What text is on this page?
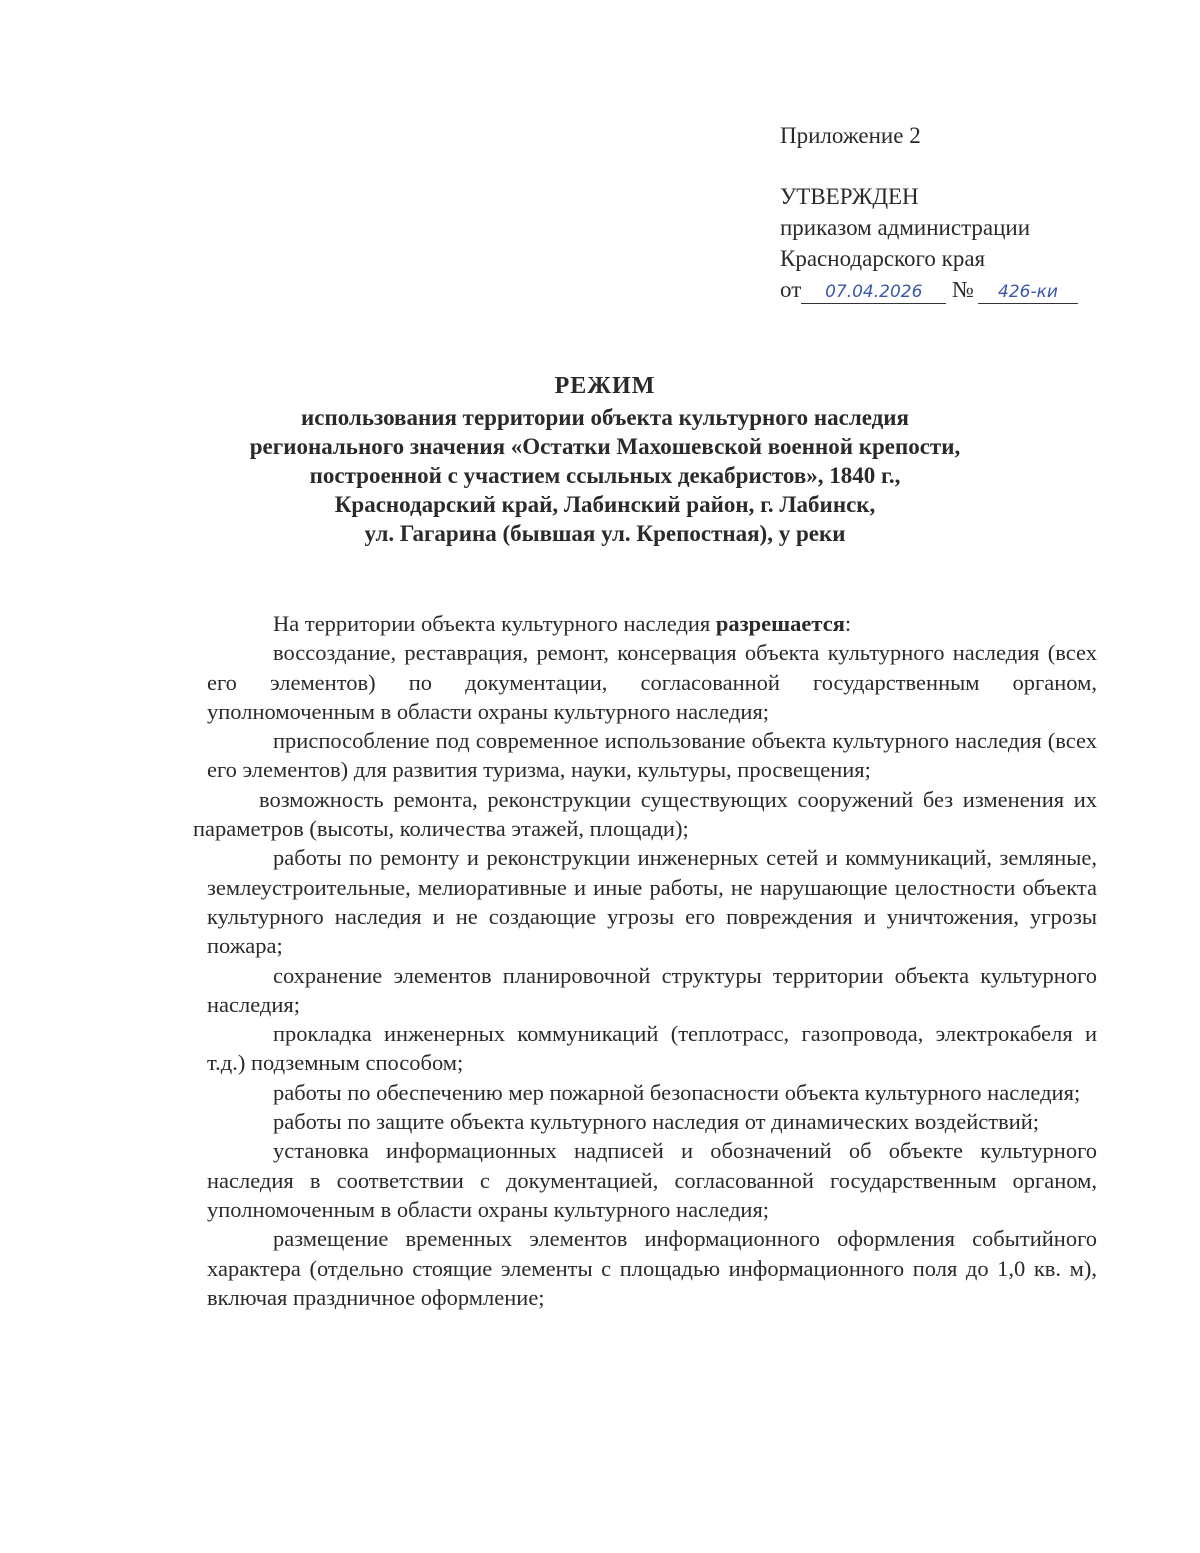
Приложение 2
УТВЕРЖДЕН
приказом администрации
Краснодарского края
от 07.04.2026 № 426-ки
РЕЖИМ
использования территории объекта культурного наследия
регионального значения «Остатки Махошевской военной крепости,
построенной с участием ссыльных декабристов», 1840 г.,
Краснодарский край, Лабинский район, г. Лабинск,
ул. Гагарина (бывшая ул. Крепостная), у реки

На территории объекта культурного наследия разрешается:

воссоздание, реставрация, ремонт, консервация объекта культурного наследия (всех его элементов) по документации, согласованной государственным органом, уполномоченным в области охраны культурного наследия;

приспособление под современное использование объекта культурного наследия (всех его элементов) для развития туризма, науки, культуры, просвещения;

возможность ремонта, реконструкции существующих сооружений без изменения их параметров (высоты, количества этажей, площади);

работы по ремонту и реконструкции инженерных сетей и коммуникаций, земляные, землеустроительные, мелиоративные и иные работы, не нарушающие целостности объекта культурного наследия и не создающие угрозы его повреждения и уничтожения, угрозы пожара;

сохранение элементов планировочной структуры территории объекта культурного наследия;

прокладка инженерных коммуникаций (теплотрасс, газопровода, электрокабеля и т.д.) подземным способом;

работы по обеспечению мер пожарной безопасности объекта культурного наследия;

работы по защите объекта культурного наследия от динамических воздействий;

установка информационных надписей и обозначений об объекте культурного наследия в соответствии с документацией, согласованной государственным органом, уполномоченным в области охраны культурного наследия;

размещение временных элементов информационного оформления событийного характера (отдельно стоящие элементы с площадью информационного поля до 1,0 кв. м), включая праздничное оформление;
